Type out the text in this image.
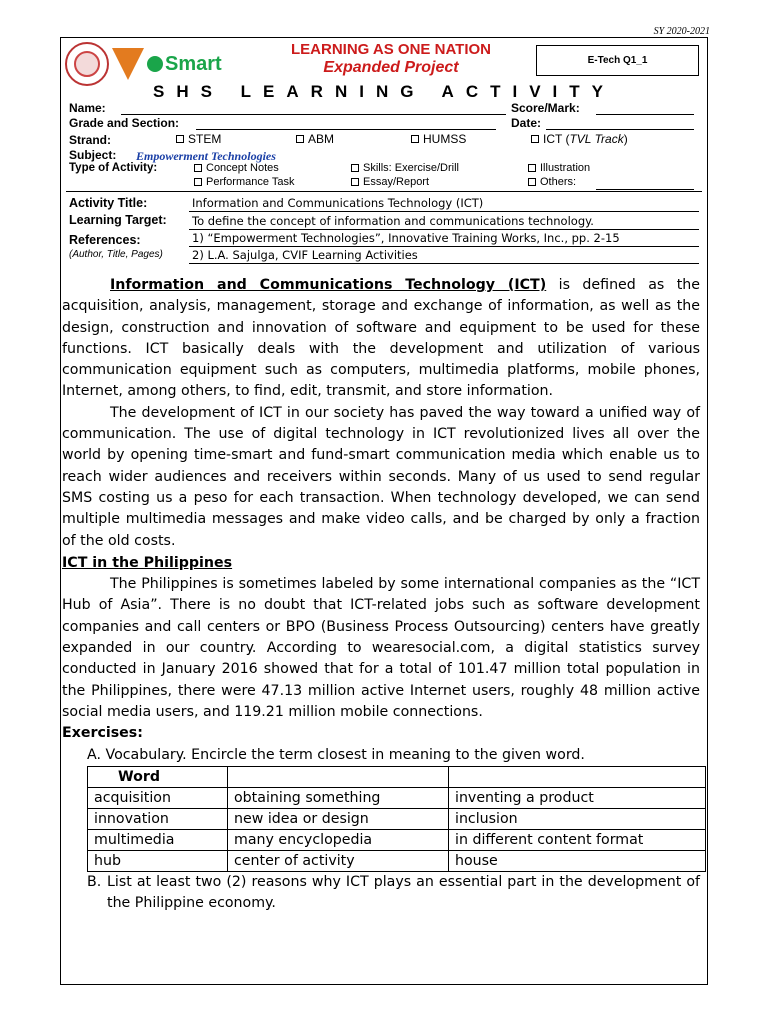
SY 2020-2021
Smart
LEARNING AS ONE NATION
Expanded Project	E-Tech Q1_1
SHS LEARNING ACTIVITY
Name:	Score/Mark:
Grade and Section:	Date:
Strand:	STEM	ABM	HUMSS	ICT (TVL Track)
Subject: Empowerment Technologies
Type of Activity:	Concept Notes	Skills: Exercise/Drill	Illustration
Performance Task	Essay/Report	Others:
Activity Title:	Information and Communications Technology (ICT)
Learning Target: To define the concept of information and communications technology.
References:
(Author, Title, Pages)
1) “Empowerment Technologies”, Innovative Training Works, Inc., pp. 2-15
2) L.A. Sajulga, CVIF Learning Activities

Information and Communications Technology (ICT) is defined as the acquisition, analysis, management, storage and exchange of information, as well as the design, construction and innovation of software and equipment to be used for these functions. ICT basically deals with the development and utilization of various communication equipment such as computers, multimedia platforms, mobile phones, Internet, among others, to find, edit, transmit, and store information.

The development of ICT in our society has paved the way toward a unified way of communication. The use of digital technology in ICT revolutionized lives all over the world by opening time-smart and fund-smart communication media which enable us to reach wider audiences and receivers within seconds. Many of us used to send regular SMS costing us a peso for each transaction. When technology developed, we can send multiple multimedia messages and make video calls, and be charged by only a fraction of the old costs.

ICT in the Philippines

The Philippines is sometimes labeled by some international companies as the “ICT Hub of Asia”. There is no doubt that ICT-related jobs such as software development companies and call centers or BPO (Business Process Outsourcing) centers have greatly expanded in our country. According to wearesocial.com, a digital statistics survey conducted in January 2016 showed that for a total of 101.47 million total population in the Philippines, there were 47.13 million active Internet users, roughly 48 million active social media users, and 119.21 million mobile connections.

Exercises:

A. Vocabulary. Encircle the term closest in meaning to the given word.

Word		
acquisition	obtaining something	inventing a product
innovation	new idea or design	inclusion
multimedia	many encyclopedia	in different content format
hub	center of activity	house
B. List at least two (2) reasons why ICT plays an essential part in the development of the Philippine economy.
